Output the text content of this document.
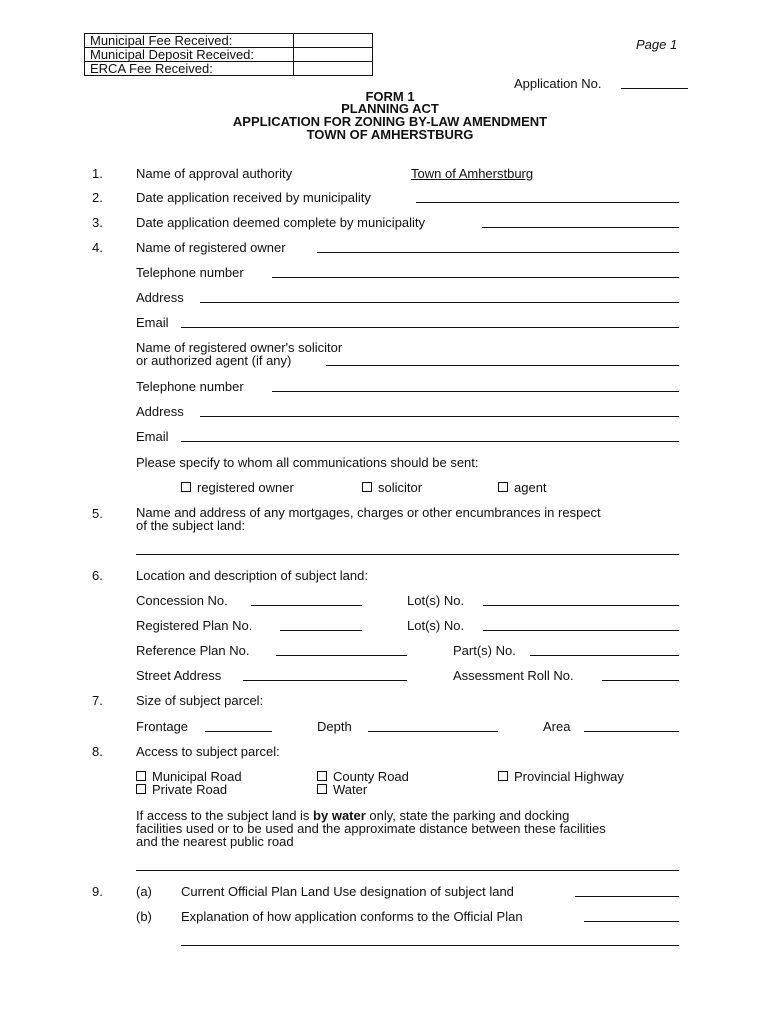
Municipal Fee Received:	
Municipal Deposit Received:	
ERCA Fee Received:	
Page 1
Application No.
FORM 1
PLANNING ACT
APPLICATION FOR ZONING BY-LAW AMENDMENT
TOWN OF AMHERSTBURG
1.	Name of approval authority	Town of Amherstburg
2.	Date application received by municipality
3.	Date application deemed complete by municipality
4.	Name of registered owner
Telephone number
Address
Email
Name of registered owner's solicitor
or authorized agent (if any)
Telephone number
Address
Email
Please specify to whom all communications should be sent:
registered owner	solicitor	agent
5.	Name and address of any mortgages, charges or other encumbrances in respect
of the subject land:
6.	Location and description of subject land:
Concession No.	Lot(s) No.
Registered Plan No.	Lot(s) No.
Reference Plan No.	Part(s) No.
Street Address	Assessment Roll No.
7.	Size of subject parcel:
Frontage	Depth	Area
8.	Access to subject parcel:
Municipal Road	County Road	Provincial Highway
Private Road	Water
If access to the subject land is by water only, state the parking and docking
facilities used or to be used and the approximate distance between these facilities
and the nearest public road
9.	(a) Current Official Plan Land Use designation of subject land
(b) Explanation of how application conforms to the Official Plan
